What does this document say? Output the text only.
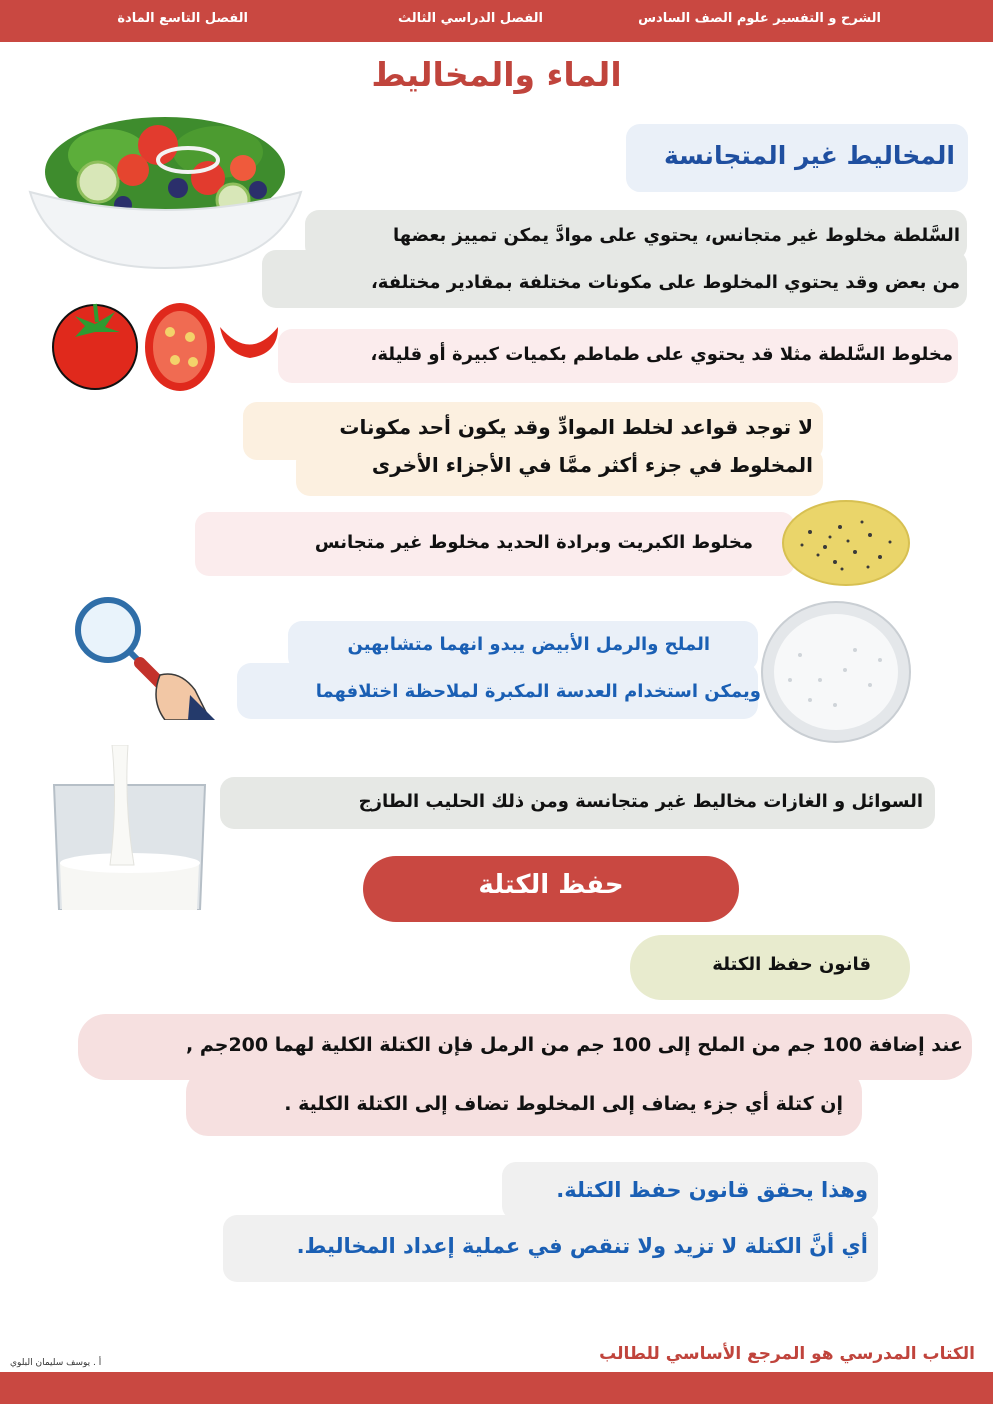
الشرح و التفسير علوم الصف السادس
الفصل الدراسي الثالث
الفصل التاسع المادة
الماء والمخاليط
المخاليط غير المتجانسة
السَّلطة مخلوط غير متجانس، يحتوي على موادَّ يمكن تمييز بعضها
من بعض وقد يحتوي المخلوط على مكونات مختلفة بمقادير مختلفة،
مخلوط السَّلطة مثلا قد يحتوي على طماطم بكميات كبيرة أو قليلة،
لا توجد قواعد لخلط الموادِّ وقد يكون أحد مكونات
المخلوط في جزء أكثر ممَّا في الأجزاء الأخرى
مخلوط الكبريت وبرادة الحديد مخلوط غير متجانس
الملح والرمل الأبيض يبدو انهما متشابهين
ويمكن استخدام العدسة المكبرة لملاحظة اختلافهما
السوائل و الغازات مخاليط غير متجانسة ومن ذلك الحليب الطازج
حفظ الكتلة
قانون حفظ الكتلة
عند إضافة 100 جم من الملح إلى 100 جم من الرمل فإن الكتلة الكلية لهما 200جم ,
إن كتلة أي جزء يضاف إلى المخلوط تضاف إلى الكتلة الكلية .
وهذا يحقق قانون حفظ الكتلة.
أي أنَّ الكتلة لا تزيد ولا تنقص في عملية إعداد المخاليط.
الكتاب المدرسي هو المرجع الأساسي للطالب
أ . يوسف سليمان البلوي
